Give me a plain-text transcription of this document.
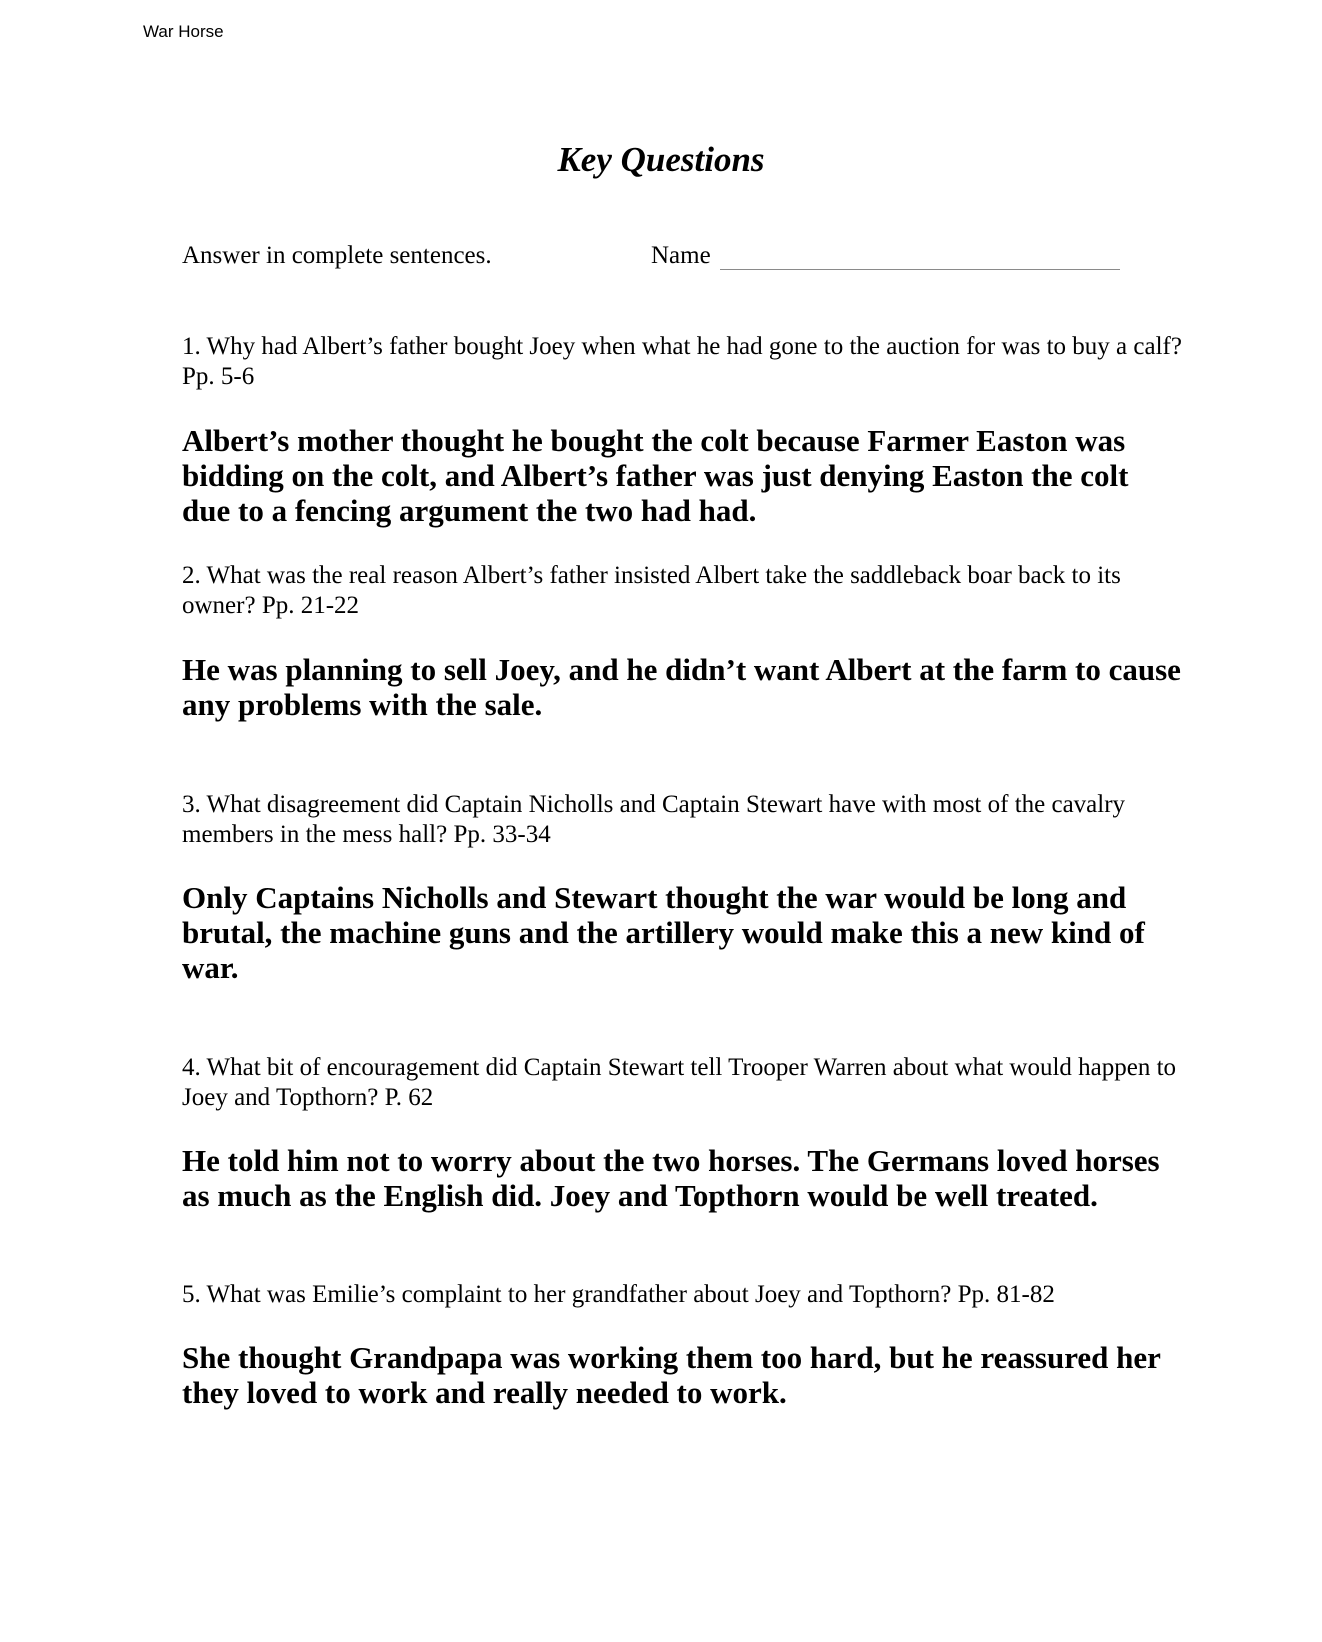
War Horse
Key Questions
Answer in complete sentences.	Name
1. Why had Albert’s father bought Joey when what he had gone to the auction for was to buy a calf? Pp. 5-6
Albert’s mother thought he bought the colt because Farmer Easton was bidding on the colt, and Albert’s father was just denying Easton the colt due to a fencing argument the two had had.
2. What was the real reason Albert’s father insisted Albert take the saddleback boar back to its owner? Pp. 21-22
He was planning to sell Joey, and he didn’t want Albert at the farm to cause any problems with the sale.
3. What disagreement did Captain Nicholls and Captain Stewart have with most of the cavalry members in the mess hall? Pp. 33-34
Only Captains Nicholls and Stewart thought the war would be long and brutal, the machine guns and the artillery would make this a new kind of war.
4. What bit of encouragement did Captain Stewart tell Trooper Warren about what would happen to Joey and Topthorn? P. 62
He told him not to worry about the two horses. The Germans loved horses as much as the English did. Joey and Topthorn would be well treated.
5. What was Emilie’s complaint to her grandfather about Joey and Topthorn? Pp. 81-82
She thought Grandpapa was working them too hard, but he reassured her they loved to work and really needed to work.
